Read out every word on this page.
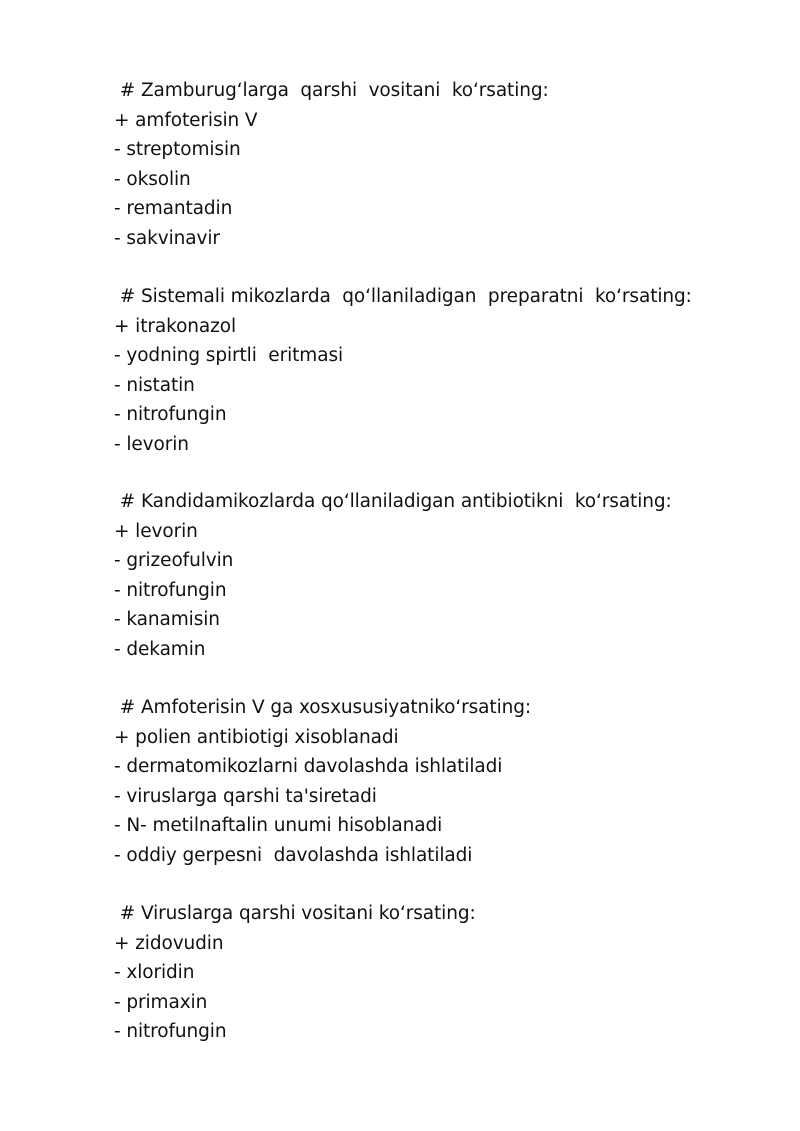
# Zamburug‘larga  qarshi  vositani  ko‘rsating:
+ amfoterisin V
- streptomisin
- oksolin
- remantadin
- sakvinavir
# Sistemali mikozlarda  qo‘llaniladigan  preparatni  ko‘rsating:
+ itrakonazol
- yodning spirtli  eritmasi
- nistatin
- nitrofungin
- levorin
# Kandidamikozlarda qo‘llaniladigan antibiotikni  ko‘rsating:
+ levorin
- grizeofulvin
- nitrofungin
- kanamisin
- dekamin
# Amfoterisin V ga xosxususiyatniko‘rsating:
+ polien antibiotigi xisoblanadi
- dermatomikozlarni davolashda ishlatiladi
- viruslarga qarshi ta'siretadi
- N- metilnaftalin unumi hisoblanadi
- oddiy gerpesni  davolashda ishlatiladi
# Viruslarga qarshi vositani ko‘rsating:
+ zidovudin
- xloridin
- primaxin
- nitrofungin
